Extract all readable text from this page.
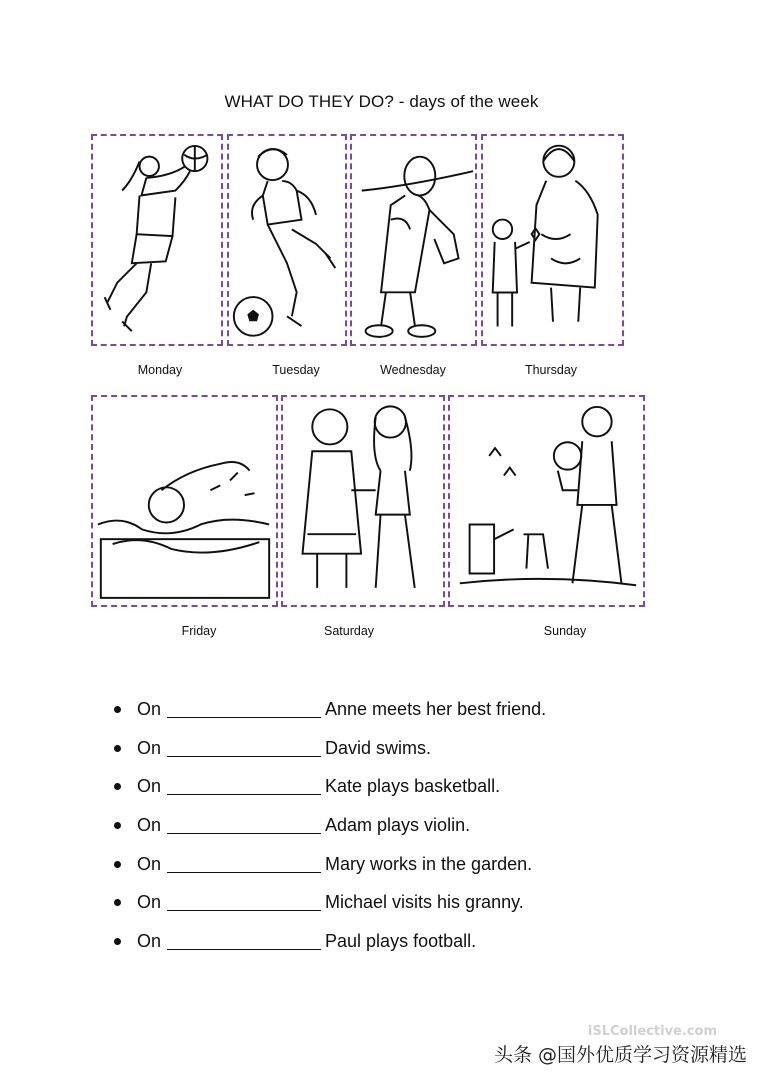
WHAT DO THEY DO? - days of the week
Monday	Tuesday	Wednesday	Thursday
Friday	Saturday	Sunday
On	Anne meets her best friend.
On	David swims.
On	Kate plays basketball.
On	Adam plays violin.
On	Mary works in the garden.
On	Michael visits his granny.
On	Paul plays football.
iSLCollective.com
头条 @国外优质学习资源精选
